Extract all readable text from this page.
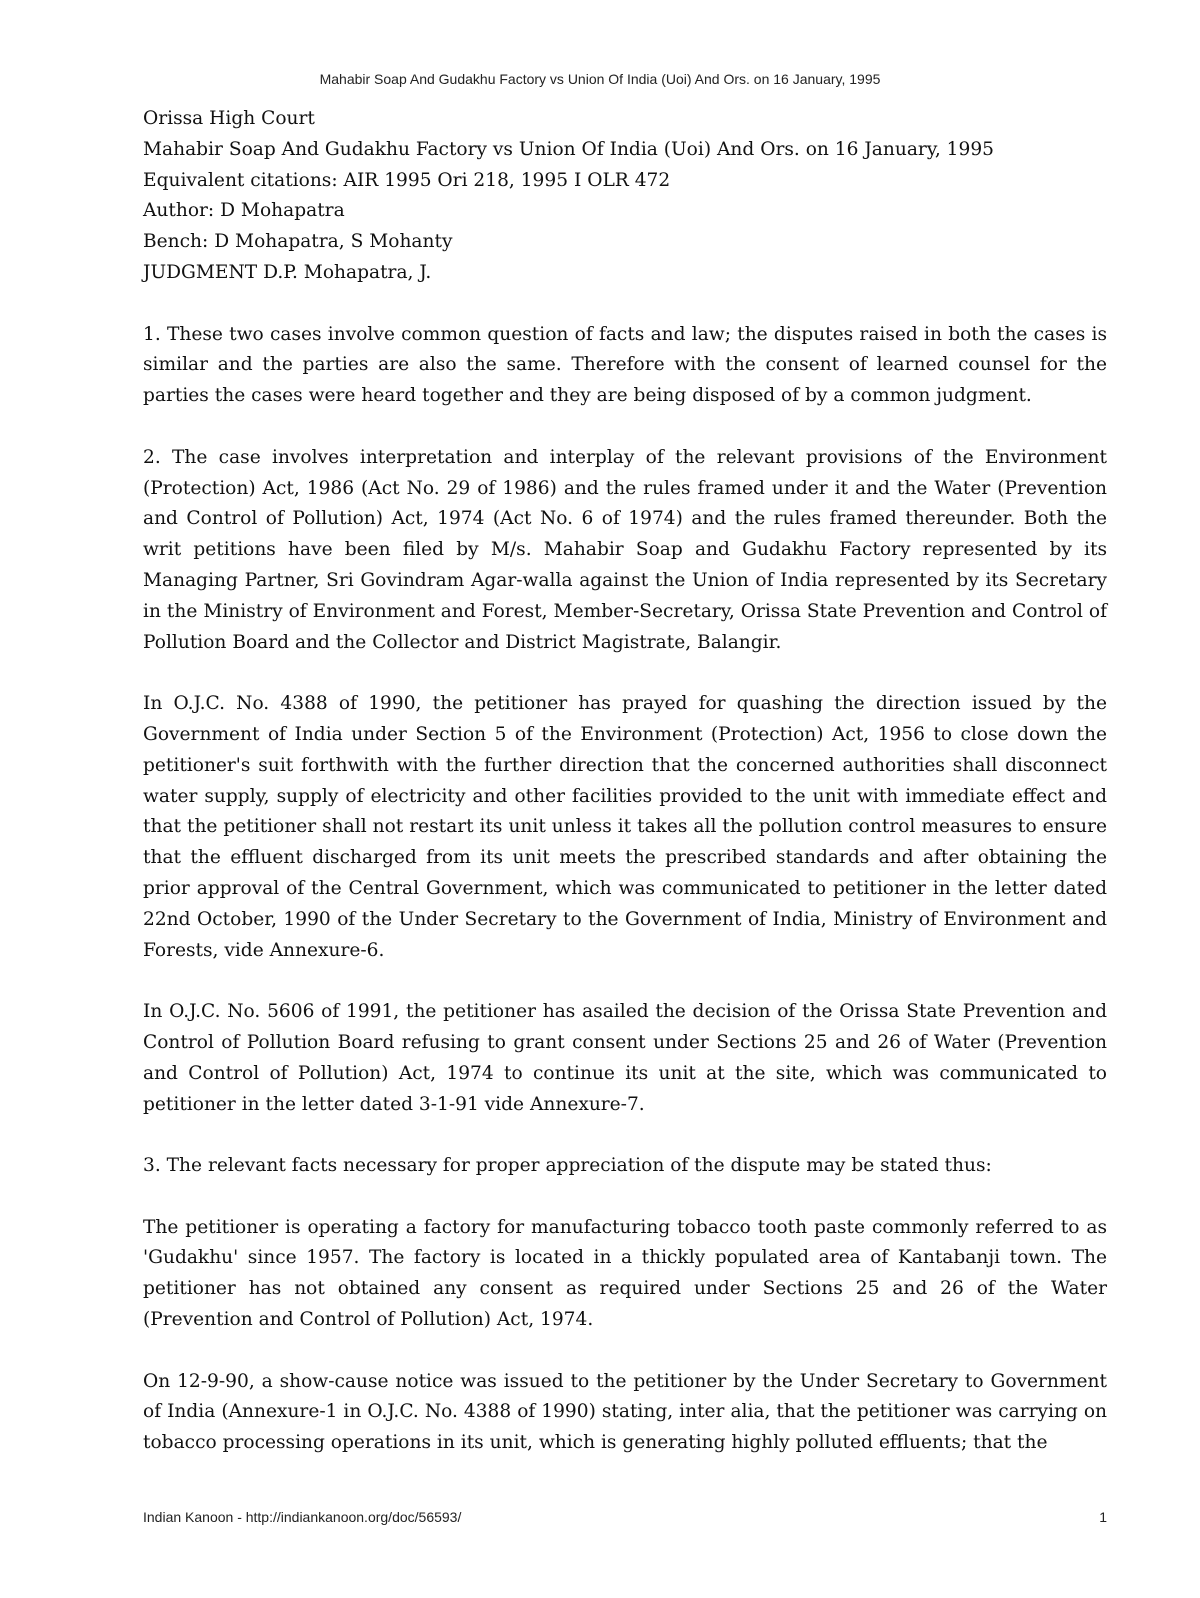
Mahabir Soap And Gudakhu Factory vs Union Of India (Uoi) And Ors. on 16 January, 1995
Orissa High Court
Mahabir Soap And Gudakhu Factory vs Union Of India (Uoi) And Ors. on 16 January, 1995
Equivalent citations: AIR 1995 Ori 218, 1995 I OLR 472
Author: D Mohapatra
Bench: D Mohapatra, S Mohanty
JUDGMENT D.P. Mohapatra, J.

1. These two cases involve common question of facts and law; the disputes raised in both the cases is similar and the parties are also the same. Therefore with the consent of learned counsel for the parties the cases were heard together and they are being disposed of by a common judgment.

2. The case involves interpretation and interplay of the relevant provisions of the Environment (Protection) Act, 1986 (Act No. 29 of 1986) and the rules framed under it and the Water (Prevention and Control of Pollution) Act, 1974 (Act No. 6 of 1974) and the rules framed thereunder. Both the writ petitions have been filed by M/s. Mahabir Soap and Gudakhu Factory represented by its Managing Partner, Sri Govindram Agar-walla against the Union of India represented by its Secretary in the Ministry of Environment and Forest, Member-Secretary, Orissa State Prevention and Control of Pollution Board and the Collector and District Magistrate, Balangir.

In O.J.C. No. 4388 of 1990, the petitioner has prayed for quashing the direction issued by the Government of India under Section 5 of the Environment (Protection) Act, 1956 to close down the petitioner's suit forthwith with the further direction that the concerned authorities shall disconnect water supply, supply of electricity and other facilities provided to the unit with immediate effect and that the petitioner shall not restart its unit unless it takes all the pollution control measures to ensure that the effluent discharged from its unit meets the prescribed standards and after obtaining the prior approval of the Central Government, which was communicated to petitioner in the letter dated 22nd October, 1990 of the Under Secretary to the Government of India, Ministry of Environment and Forests, vide Annexure-6.

In O.J.C. No. 5606 of 1991, the petitioner has asailed the decision of the Orissa State Prevention and Control of Pollution Board refusing to grant consent under Sections 25 and 26 of Water (Prevention and Control of Pollution) Act, 1974 to continue its unit at the site, which was communicated to petitioner in the letter dated 3-1-91 vide Annexure-7.

3. The relevant facts necessary for proper appreciation of the dispute may be stated thus:

The petitioner is operating a factory for manufacturing tobacco tooth paste commonly referred to as 'Gudakhu' since 1957. The factory is located in a thickly populated area of Kantabanji town. The petitioner has not obtained any consent as required under Sections 25 and 26 of the Water (Prevention and Control of Pollution) Act, 1974.

On 12-9-90, a show-cause notice was issued to the petitioner by the Under Secretary to Government of India (Annexure-1 in O.J.C. No. 4388 of 1990) stating, inter alia, that the petitioner was carrying on tobacco processing operations in its unit, which is generating highly polluted effluents; that the

Indian Kanoon - http://indiankanoon.org/doc/56593/	1
